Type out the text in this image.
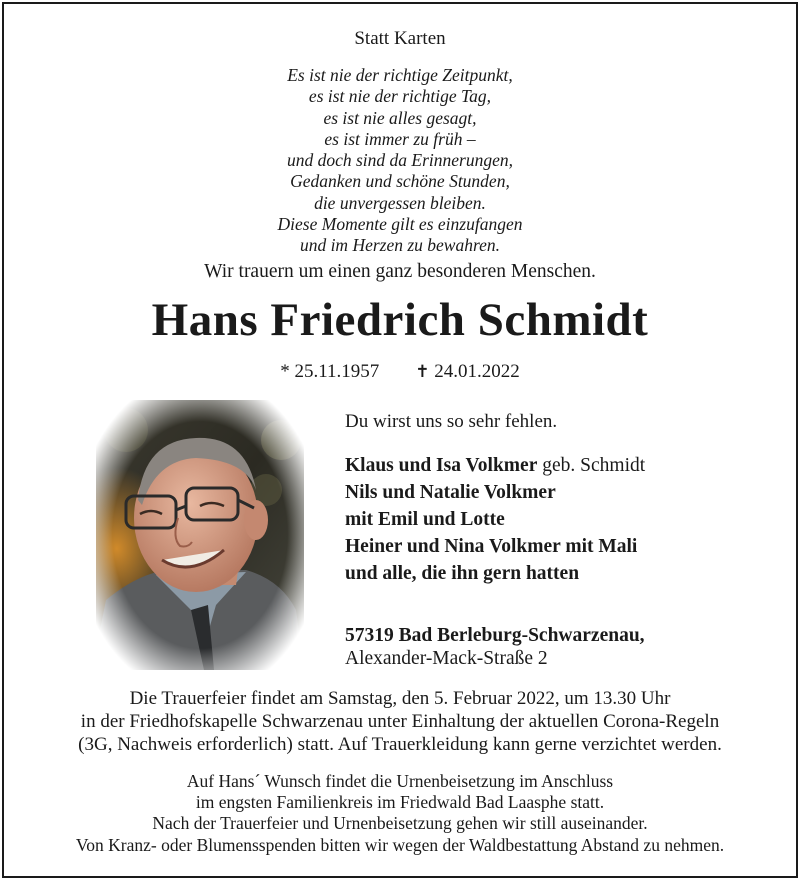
Statt Karten
Es ist nie der richtige Zeitpunkt,
es ist nie der richtige Tag,
es ist nie alles gesagt,
es ist immer zu früh –
und doch sind da Erinnerungen,
Gedanken und schöne Stunden,
die unvergessen bleiben.
Diese Momente gilt es einzufangen
und im Herzen zu bewahren.
Wir trauern um einen ganz besonderen Menschen.
Hans Friedrich Schmidt
* 25.11.1957 ✝ 24.01.2022
Du wirst uns so sehr fehlen.
Klaus und Isa Volkmer geb. Schmidt
Nils und Natalie Volkmer
mit Emil und Lotte
Heiner und Nina Volkmer mit Mali
und alle, die ihn gern hatten
57319 Bad Berleburg-Schwarzenau,
Alexander-Mack-Straße 2
Die Trauerfeier findet am Samstag, den 5. Februar 2022, um 13.30 Uhr
in der Friedhofskapelle Schwarzenau unter Einhaltung der aktuellen Corona-Regeln
(3G, Nachweis erforderlich) statt. Auf Trauerkleidung kann gerne verzichtet werden.
Auf Hans´ Wunsch findet die Urnenbeisetzung im Anschluss
im engsten Familienkreis im Friedwald Bad Laasphe statt.
Nach der Trauerfeier und Urnenbeisetzung gehen wir still auseinander.
Von Kranz- oder Blumensspenden bitten wir wegen der Waldbestattung Abstand zu nehmen.
